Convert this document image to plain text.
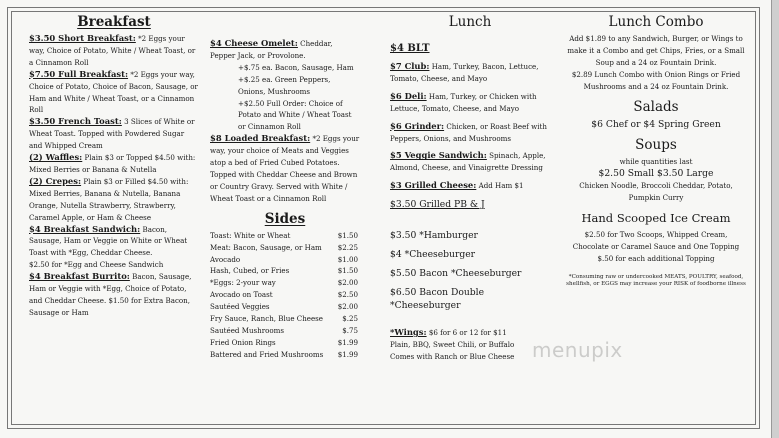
Breakfast
$3.50 Short Breakfast: *2 Eggs your way, Choice of Potato, White / Wheat Toast, or a Cinnamon Roll
$7.50 Full Breakfast: *2 Eggs your way, Choice of Potato, Choice of Bacon, Sausage, or Ham and White / Wheat Toast, or a Cinnamon Roll
$3.50 French Toast: 3 Slices of White or Wheat Toast. Topped with Powdered Sugar and Whipped Cream
(2) Waffles: Plain $3 or Topped $4.50 with: Mixed Berries or Banana & Nutella
(2) Crepes: Plain $3 or Filled $4.50 with: Mixed Berries, Banana & Nutella, Banana Orange, Nutella Strawberry, Strawberry, Caramel Apple, or Ham & Cheese
$4 Breakfast Sandwich: Bacon, Sausage, Ham or Veggie on White or Wheat Toast with *Egg, Cheddar Cheese.
$2.50 for *Egg and Cheese Sandwich
$4 Breakfast Burrito: Bacon, Sausage, Ham or Veggie with *Egg, Choice of Potato, and Cheddar Cheese. $1.50 for Extra Bacon, Sausage or Ham
$4 Cheese Omelet: Cheddar, Pepper Jack, or Provolone.
+$.75 ea. Bacon, Sausage, Ham
+$.25 ea. Green Peppers, Onions, Mushrooms
+$2.50 Full Order: Choice of Potato and White / Wheat Toast or Cinnamon Roll
$8 Loaded Breakfast: *2 Eggs your way, your choice of Meats and Veggies atop a bed of Fried Cubed Potatoes. Topped with Cheddar Cheese and Brown or Country Gravy. Served with White / Wheat Toast or a Cinnamon Roll
Sides
Toast: White or Wheat	$1.50
Meat: Bacon, Sausage, or Ham $2.25
Avocado	$1.00
Hash, Cubed, or Fries	$1.50
*Eggs: 2-your way	$2.00
Avocado on Toast	$2.50
Sautéed Veggies	$2.00
Fry Sauce, Ranch, Blue Cheese	$.25
Sautéed Mushrooms	$.75
Fried Onion Rings	$1.99
Battered and Fried Mushrooms $1.99
Lunch
$4 BLT
$7 Club: Ham, Turkey, Bacon, Lettuce, Tomato, Cheese, and Mayo
$6 Deli: Ham, Turkey, or Chicken with Lettuce, Tomato, Cheese, and Mayo
$6 Grinder: Chicken, or Roast Beef with Peppers, Onions, and Mushrooms
$5 Veggie Sandwich: Spinach, Apple, Almond, Cheese, and Vinaigrette Dressing
$3 Grilled Cheese: Add Ham $1
$3.50 Grilled PB & J
$3.50 *Hamburger
$4 *Cheeseburger
$5.50 Bacon *Cheeseburger
$6.50 Bacon Double *Cheeseburger
*Wings: $6 for 6 or 12 for $11
Plain, BBQ, Sweet Chili, or Buffalo
Comes with Ranch or Blue Cheese
Lunch Combo
Add $1.89 to any Sandwich, Burger, or Wings to make it a Combo and get Chips, Fries, or a Small Soup and a 24 oz Fountain Drink.
$2.89 Lunch Combo with Onion Rings or Fried Mushrooms and a 24 oz Fountain Drink.
Salads
$6 Chef or $4 Spring Green
Soups
while quantities last
$2.50 Small $3.50 Large
Chicken Noodle, Broccoli Cheddar, Potato, Pumpkin Curry
Hand Scooped Ice Cream
$2.50 for Two Scoops, Whipped Cream, Chocolate or Caramel Sauce and One Topping
$.50 for each additional Topping
*Consuming raw or undercooked MEATS, POULTRY, seafood, shellfish, or EGGS may increase your RISK of foodborne illness
menupix
